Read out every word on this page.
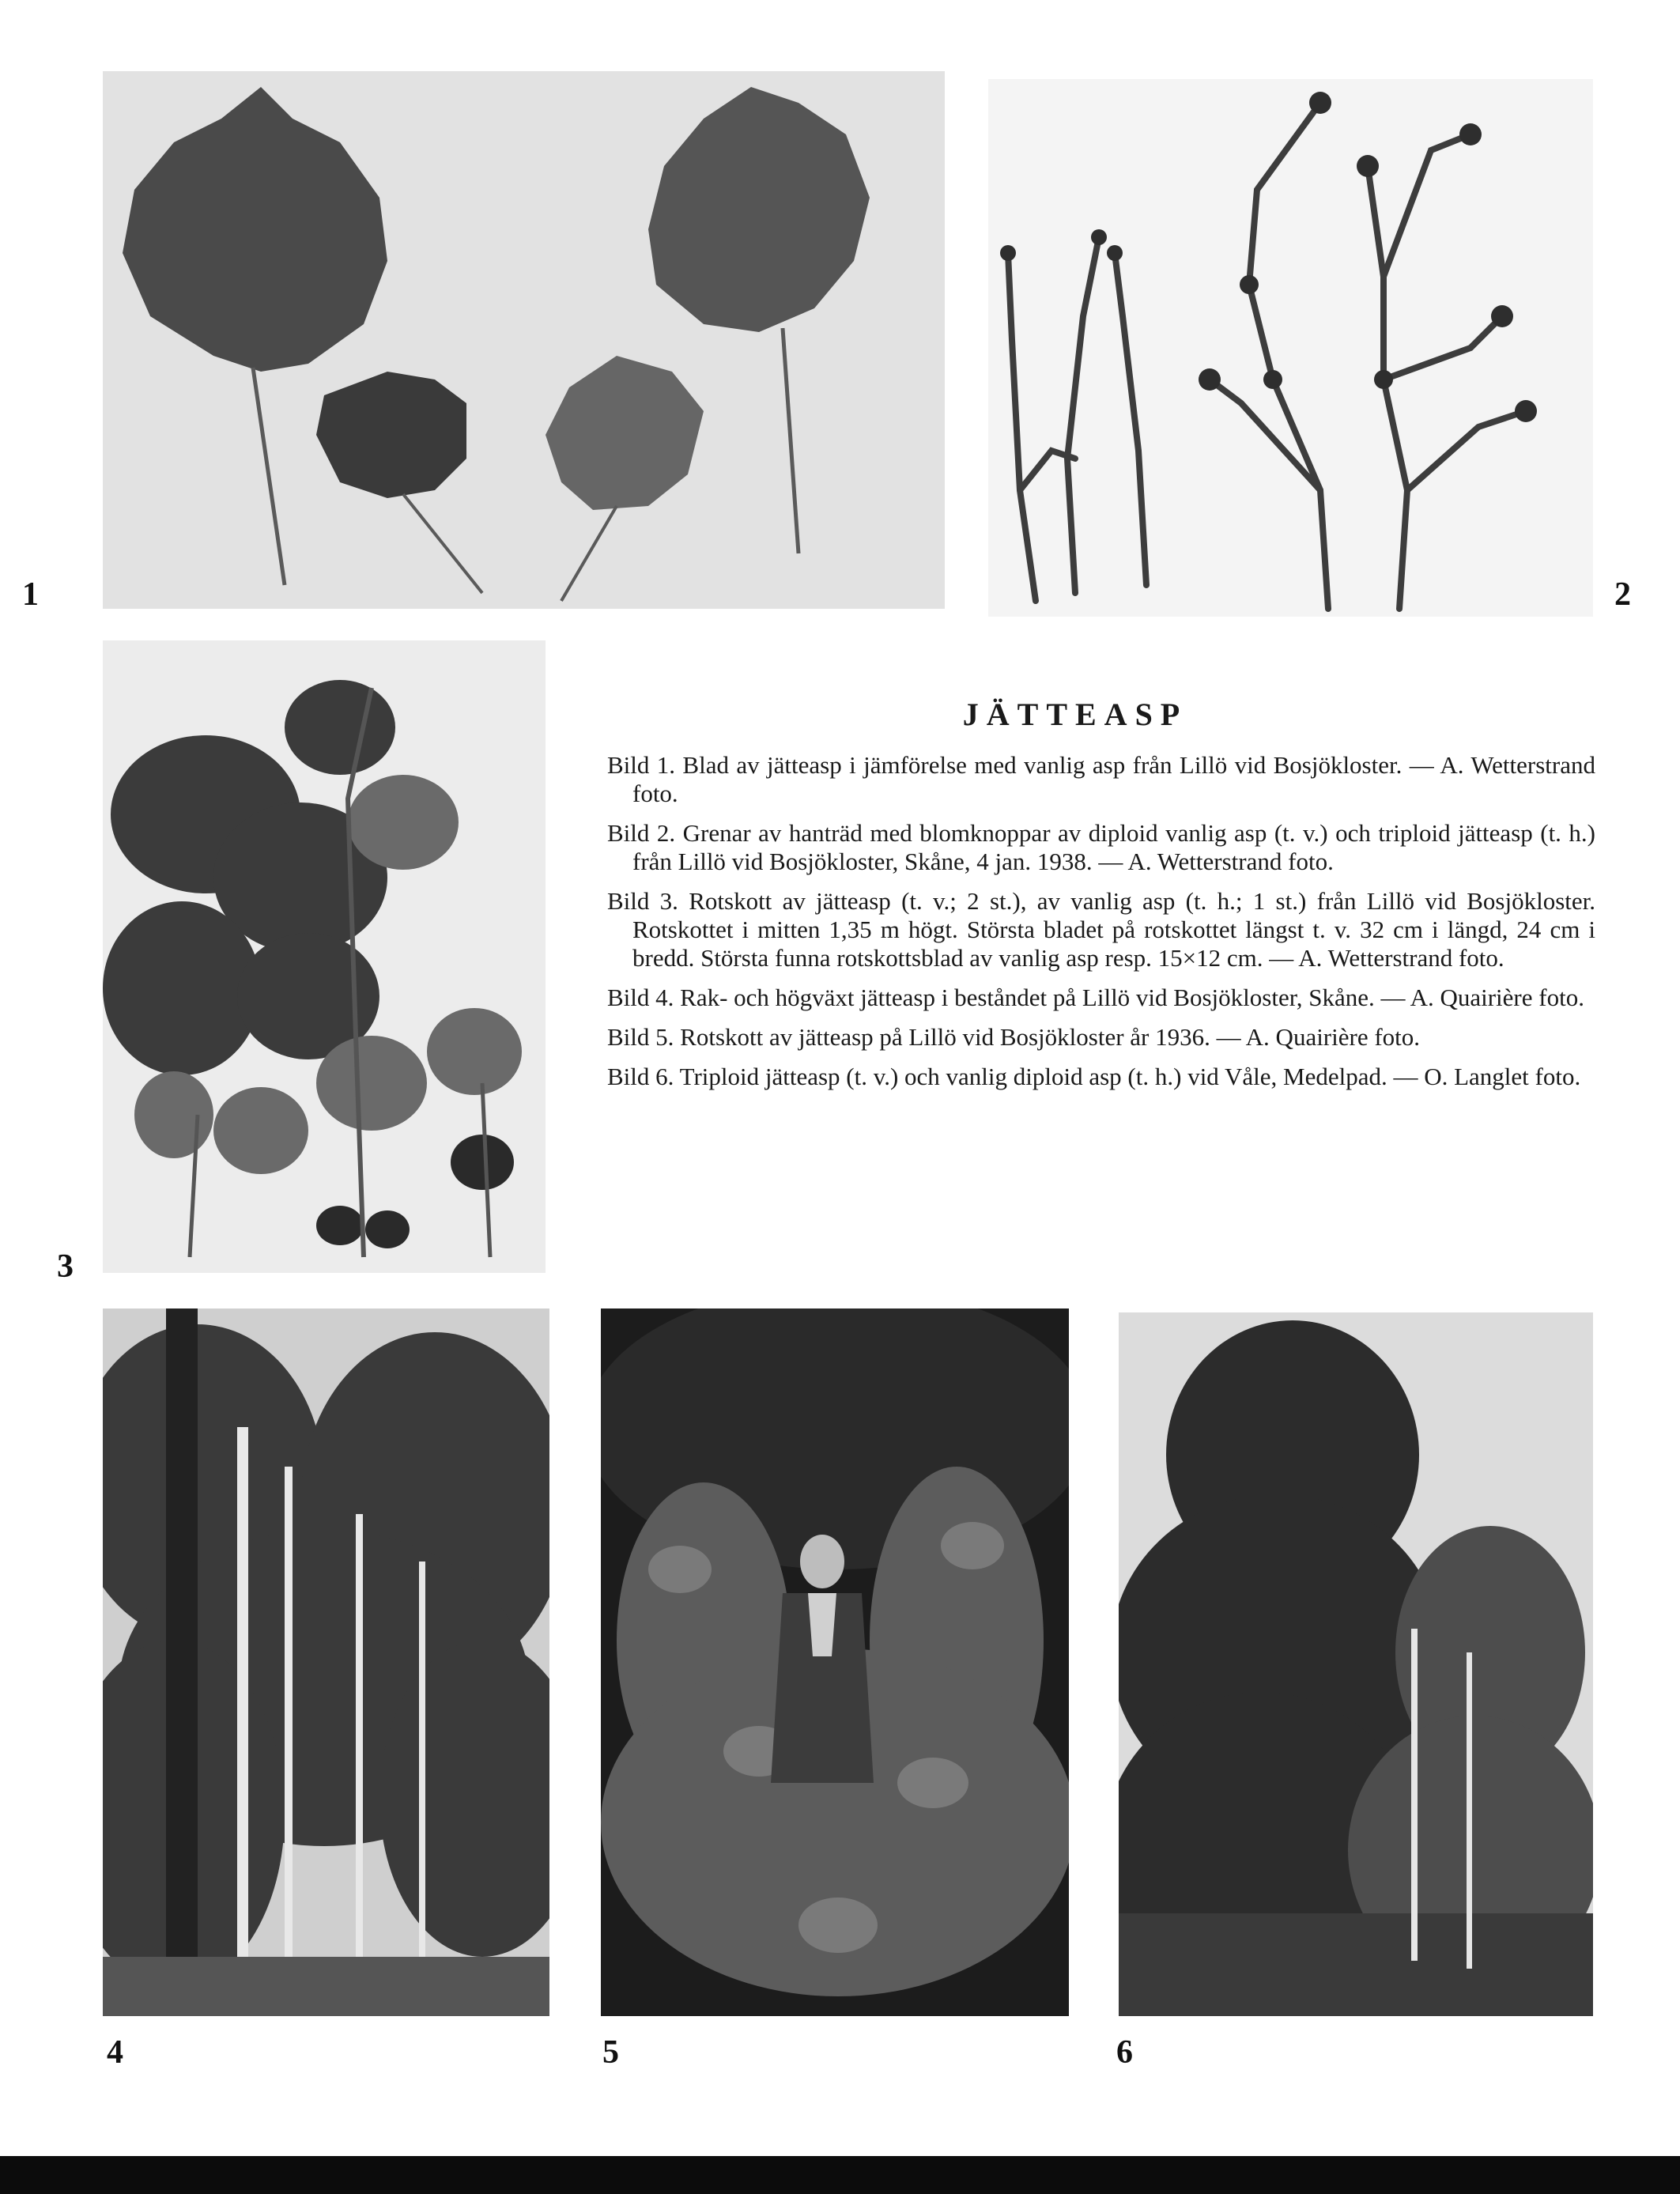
1	2
3
JÄTTEASP

Bild 1. Blad av jätteasp i jämförelse med vanlig asp från Lillö vid Bosjökloster. — A. Wetterstrand foto.

Bild 2. Grenar av hanträd med blomknoppar av diploid vanlig asp (t. v.) och triploid jätteasp (t. h.) från Lillö vid Bosjökloster, Skåne, 4 jan. 1938. — A. Wetterstrand foto.

Bild 3. Rotskott av jätteasp (t. v.; 2 st.), av vanlig asp (t. h.; 1 st.) från Lillö vid Bosjökloster. Rotskottet i mitten 1,35 m högt. Största bladet på rotskottet längst t. v. 32 cm i längd, 24 cm i bredd. Största funna rotskottsblad av vanlig asp resp. 15×12 cm. — A. Wetterstrand foto.

Bild 4. Rak- och högväxt jätteasp i beståndet på Lillö vid Bosjökloster, Skåne. — A. Quairière foto.

Bild 5. Rotskott av jätteasp på Lillö vid Bosjökloster år 1936. — A. Quairière foto.

Bild 6. Triploid jätteasp (t. v.) och vanlig diploid asp (t. h.) vid Våle, Medelpad. — O. Langlet foto.

4	5	6
